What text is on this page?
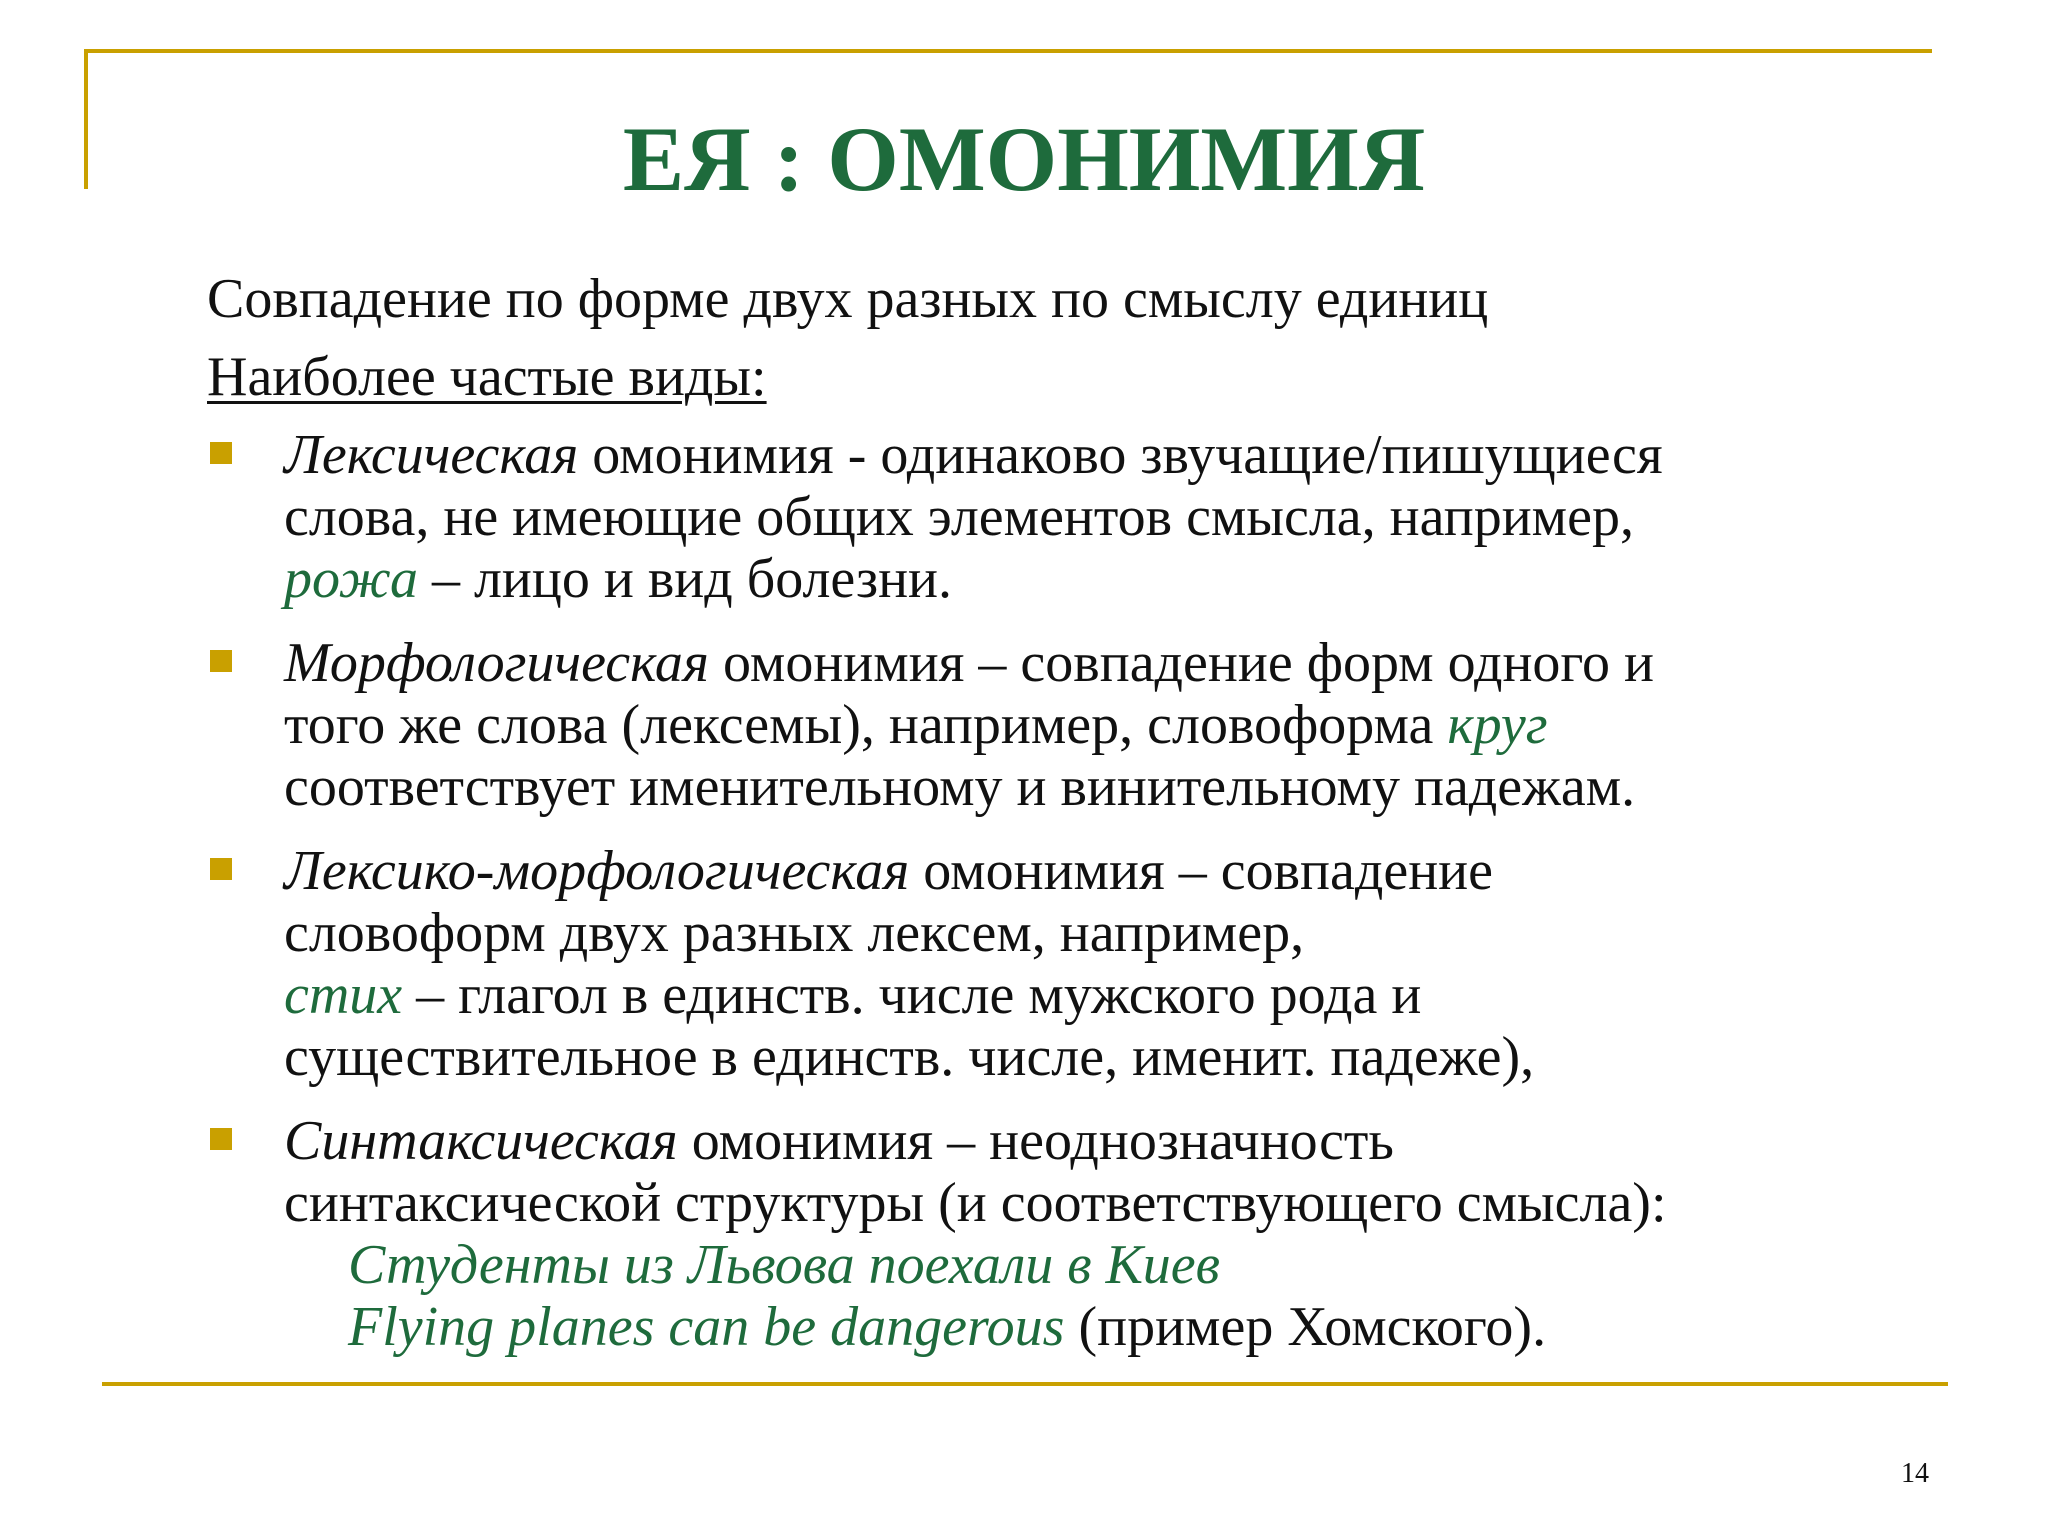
ЕЯ : ОМОНИМИЯ

Совпадение по форме двух разных по смыслу единиц

Наиболее частые виды:

Лексическая омонимия - одинаково звучащие/пишущиеся
слова, не имеющие общих элементов смысла, например,
рожа – лицо и вид болезни.
Морфологическая омонимия – совпадение форм одного и
того же слова (лексемы), например, словоформа круг
соответствует именительному и винительному падежам.
Лексико-морфологическая омонимия – совпадение
словоформ двух разных лексем, например,
стих – глагол в единств. числе мужского рода и
существительное в единств. числе, именит. падеже),
Синтаксическая омонимия – неоднозначность
синтаксической структуры (и соответствующего смысла):
Студенты из Львова поехали в Киев
Flying planes can be dangerous (пример Хомского).
14
